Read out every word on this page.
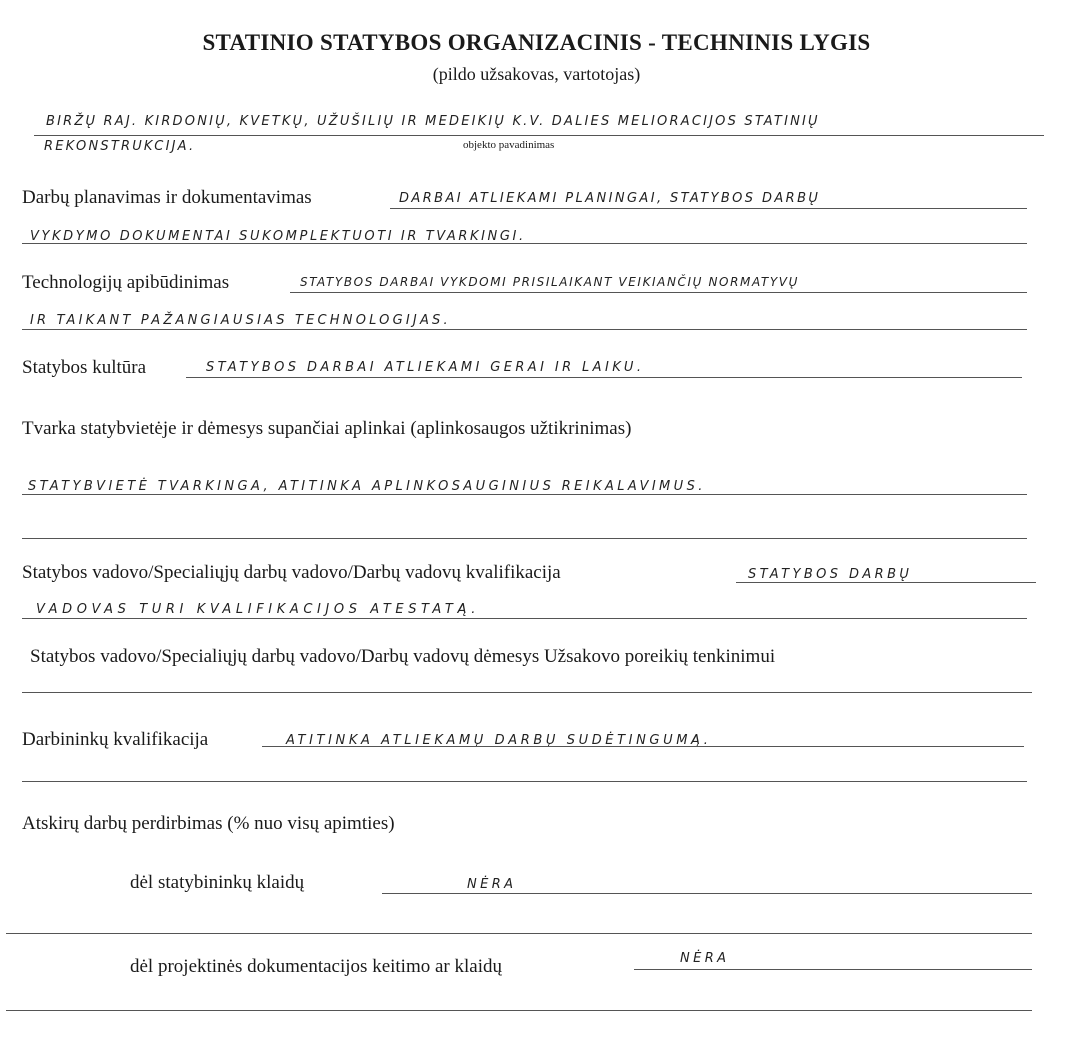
STATINIO STATYBOS ORGANIZACINIS - TECHNINIS LYGIS
(pildo užsakovas, vartotojas)
BIRŽŲ RAJ. KIRDONIŲ, KVETKŲ, UŽUŠILIŲ IR MEDEIKIŲ K.V. DALIES MELIORACIJOS STATINIŲ
REKONSTRUKCIJA.	objekto pavadinimas
Darbų planavimas ir dokumentavimas	DARBAI ATLIEKAMI PLANINGAI, STATYBOS DARBŲ
VYKDYMO DOKUMENTAI SUKOMPLEKTUOTI IR TVARKINGI.
Technologijų apibūdinimas	STATYBOS DARBAI VYKDOMI PRISILAIKANT VEIKIANČIŲ NORMATYVŲ
IR TAIKANT PAŽANGIAUSIAS TECHNOLOGIJAS.
Statybos kultūra	STATYBOS DARBAI ATLIEKAMI GERAI IR LAIKU.
Tvarka statybvietėje ir dėmesys supančiai aplinkai (aplinkosaugos užtikrinimas)
STATYBVIETĖ TVARKINGA, ATITINKA APLINKOSAUGINIUS REIKALAVIMUS.
Statybos vadovo/Specialiųjų darbų vadovo/Darbų vadovų kvalifikacija	STATYBOS DARBŲ
VADOVAS TURI KVALIFIKACIJOS ATESTATĄ.
Statybos vadovo/Specialiųjų darbų vadovo/Darbų vadovų dėmesys Užsakovo poreikių tenkinimui
Darbininkų kvalifikacija	ATITINKA ATLIEKAMŲ DARBŲ SUDĖTINGUMĄ.
Atskirų darbų perdirbimas (% nuo visų apimties)
dėl statybininkų klaidų	NĖRA
dėl projektinės dokumentacijos keitimo ar klaidų	NĖRA
